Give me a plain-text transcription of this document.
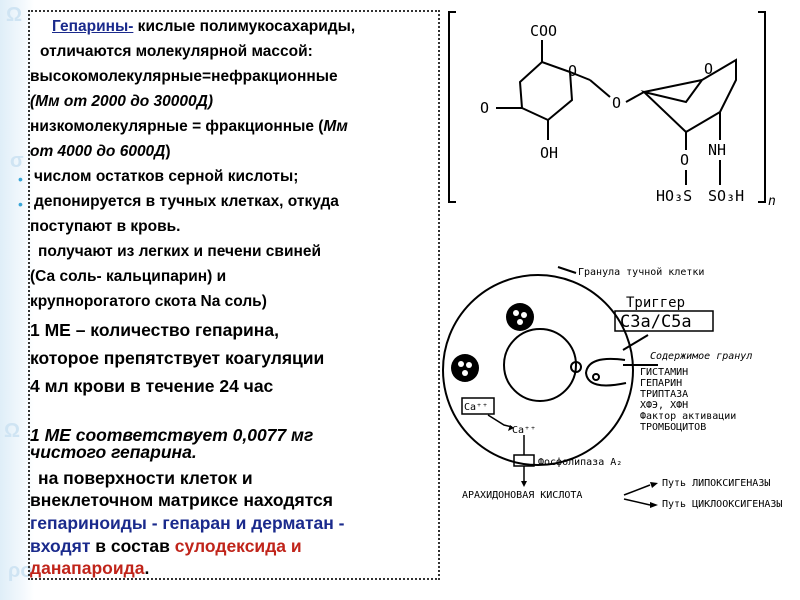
Ω
σ
Ω
ρο
Гепарины- кислые полимукосахариды,
отличаются молекулярной массой:
высокомолекулярные=нефракционные
(Мм от 2000 до 30000Д)
низкомолекулярные = фракционные (Мм
от 4000 до 6000Д)
• числом остатков серной кислоты;
• депонируется в тучных клетках, откуда
поступают в кровь.
получают из легких и печени свиней
(Са соль- кальципарин) и
крупнорогатого скота Na соль)
1 МЕ – количество гепарина,
которое препятствует коагуляции
4 мл крови в течение 24 час
1 МЕ соответствует 0,0077 мг
чистого гепарина.
на поверхности клеток и
внеклеточном матриксе находятся
гепариноиды - гепаран и дерматан -
входят в состав сулодексида и
данапароида.
COO
O
O	O
O
OH	O
NH
HO₃S SO₃H n
Гранула тучной клетки
Триггер
C3a/C5a
Содержимое гранул
ГИСТАМИН
ГЕПАРИН
ТРИПТАЗА
ХФЭ, ХФН
Фактор активации
ТРОМБОЦИТОВ
Ca⁺⁺
Ca⁺⁺
Фосфолипаза A₂
АРАХИДОНОВАЯ КИСЛОТА
Путь ЛИПОКСИГЕНАЗЫ
Путь ЦИКЛООКСИГЕНАЗЫ
